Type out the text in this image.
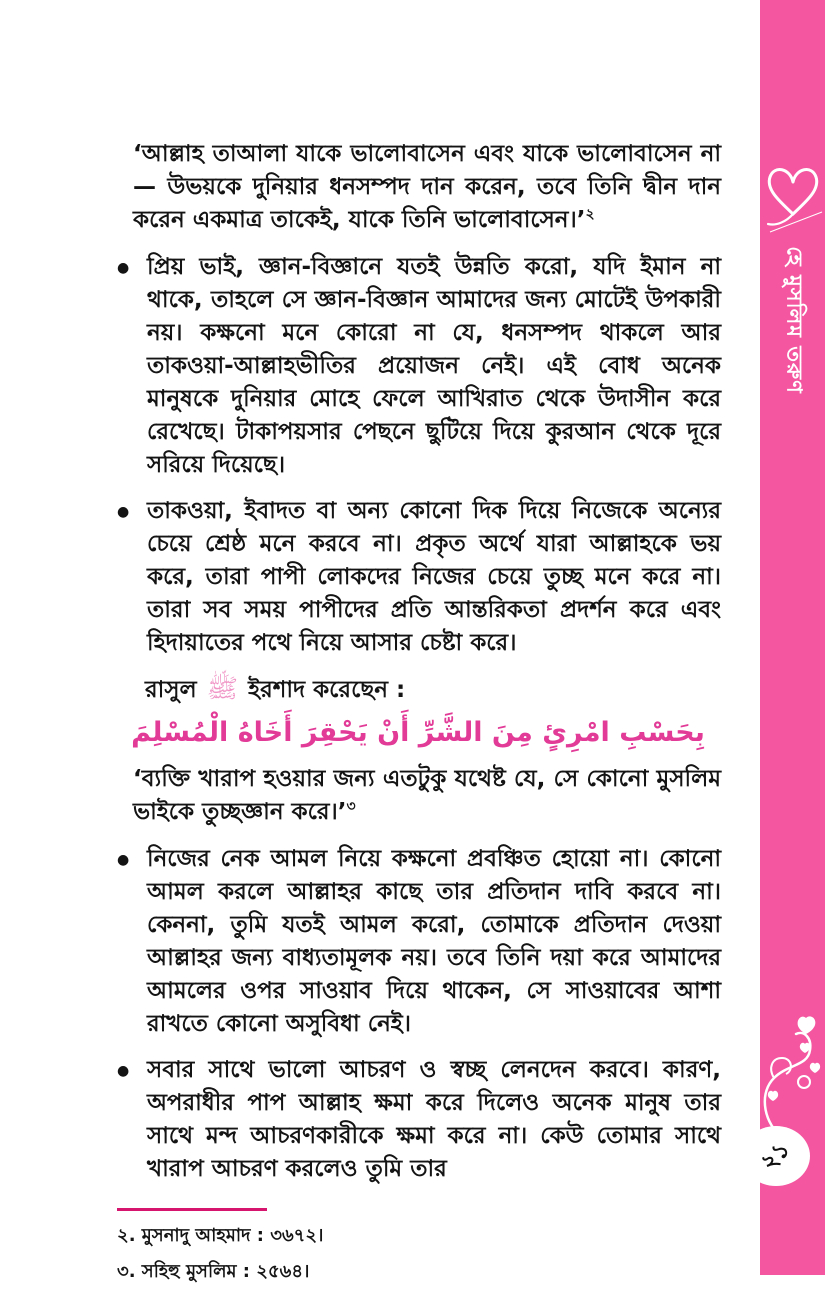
‘আল্লাহ তাআলা যাকে ভালোবাসেন এবং যাকে ভালোবাসেন না— উভয়কে দুনিয়ার ধনসম্পদ দান করেন, তবে তিনি দ্বীন দান করেন একমাত্র তাকেই, যাকে তিনি ভালোবাসেন।’$^২$
● প্রিয় ভাই, জ্ঞান-বিজ্ঞানে যতই উন্নতি করো, যদি ইমান না থাকে, তাহলে সে জ্ঞান-বিজ্ঞান আমাদের জন্য মোটেই উপকারী নয়। কক্ষনো মনে কোরো না যে, ধনসম্পদ থাকলে আর তাকওয়া-আল্লাহভীতির প্রয়োজন নেই। এই বোধ অনেক মানুষকে দুনিয়ার মোহে ফেলে আখিরাত থেকে উদাসীন করে রেখেছে। টাকাপয়সার পেছনে ছুটিয়ে দিয়ে কুরআন থেকে দূরে সরিয়ে দিয়েছে।
● তাকওয়া, ইবাদত বা অন্য কোনো দিক দিয়ে নিজেকে অন্যের চেয়ে শ্রেষ্ঠ মনে করবে না। প্রকৃত অর্থে যারা আল্লাহকে ভয় করে, তারা পাপী লোকদের নিজের চেয়ে তুচ্ছ মনে করে না। তারা সব সময় পাপীদের প্রতি আন্তরিকতা প্রদর্শন করে এবং হিদায়াতের পথে নিয়ে আসার চেষ্টা করে।

রাসুল ﷺ ইরশাদ করেছেন :

بِحَسْبِ امْرِئٍ مِنَ الشَّرِّ أَنْ يَحْقِرَ أَخَاهُ الْمُسْلِمَ

‘ব্যক্তি খারাপ হওয়ার জন্য এতটুকু যথেষ্ট যে, সে কোনো মুসলিম ভাইকে তুচ্ছজ্ঞান করে।’$^৩$
● নিজের নেক আমল নিয়ে কক্ষনো প্রবঞ্চিত হোয়ো না। কোনো আমল করলে আল্লাহর কাছে তার প্রতিদান দাবি করবে না। কেননা, তুমি যতই আমল করো, তোমাকে প্রতিদান দেওয়া আল্লাহর জন্য বাধ্যতামূলক নয়। তবে তিনি দয়া করে আমাদের আমলের ওপর সাওয়াব দিয়ে থাকেন, সে সাওয়াবের আশা রাখতে কোনো অসুবিধা নেই।
● সবার সাথে ভালো আচরণ ও স্বচ্ছ লেনদেন করবে। কারণ, অপরাধীর পাপ আল্লাহ ক্ষমা করে দিলেও অনেক মানুষ তার সাথে মন্দ আচরণকারীকে ক্ষমা করে না। কেউ তোমার সাথে খারাপ আচরণ করলেও তুমি তার

২. মুসনাদু আহমাদ : ৩৬৭২।

৩. সহিহু মুসলিম : ২৫৬৪।

হে মুসলিম তরুণ
২১
